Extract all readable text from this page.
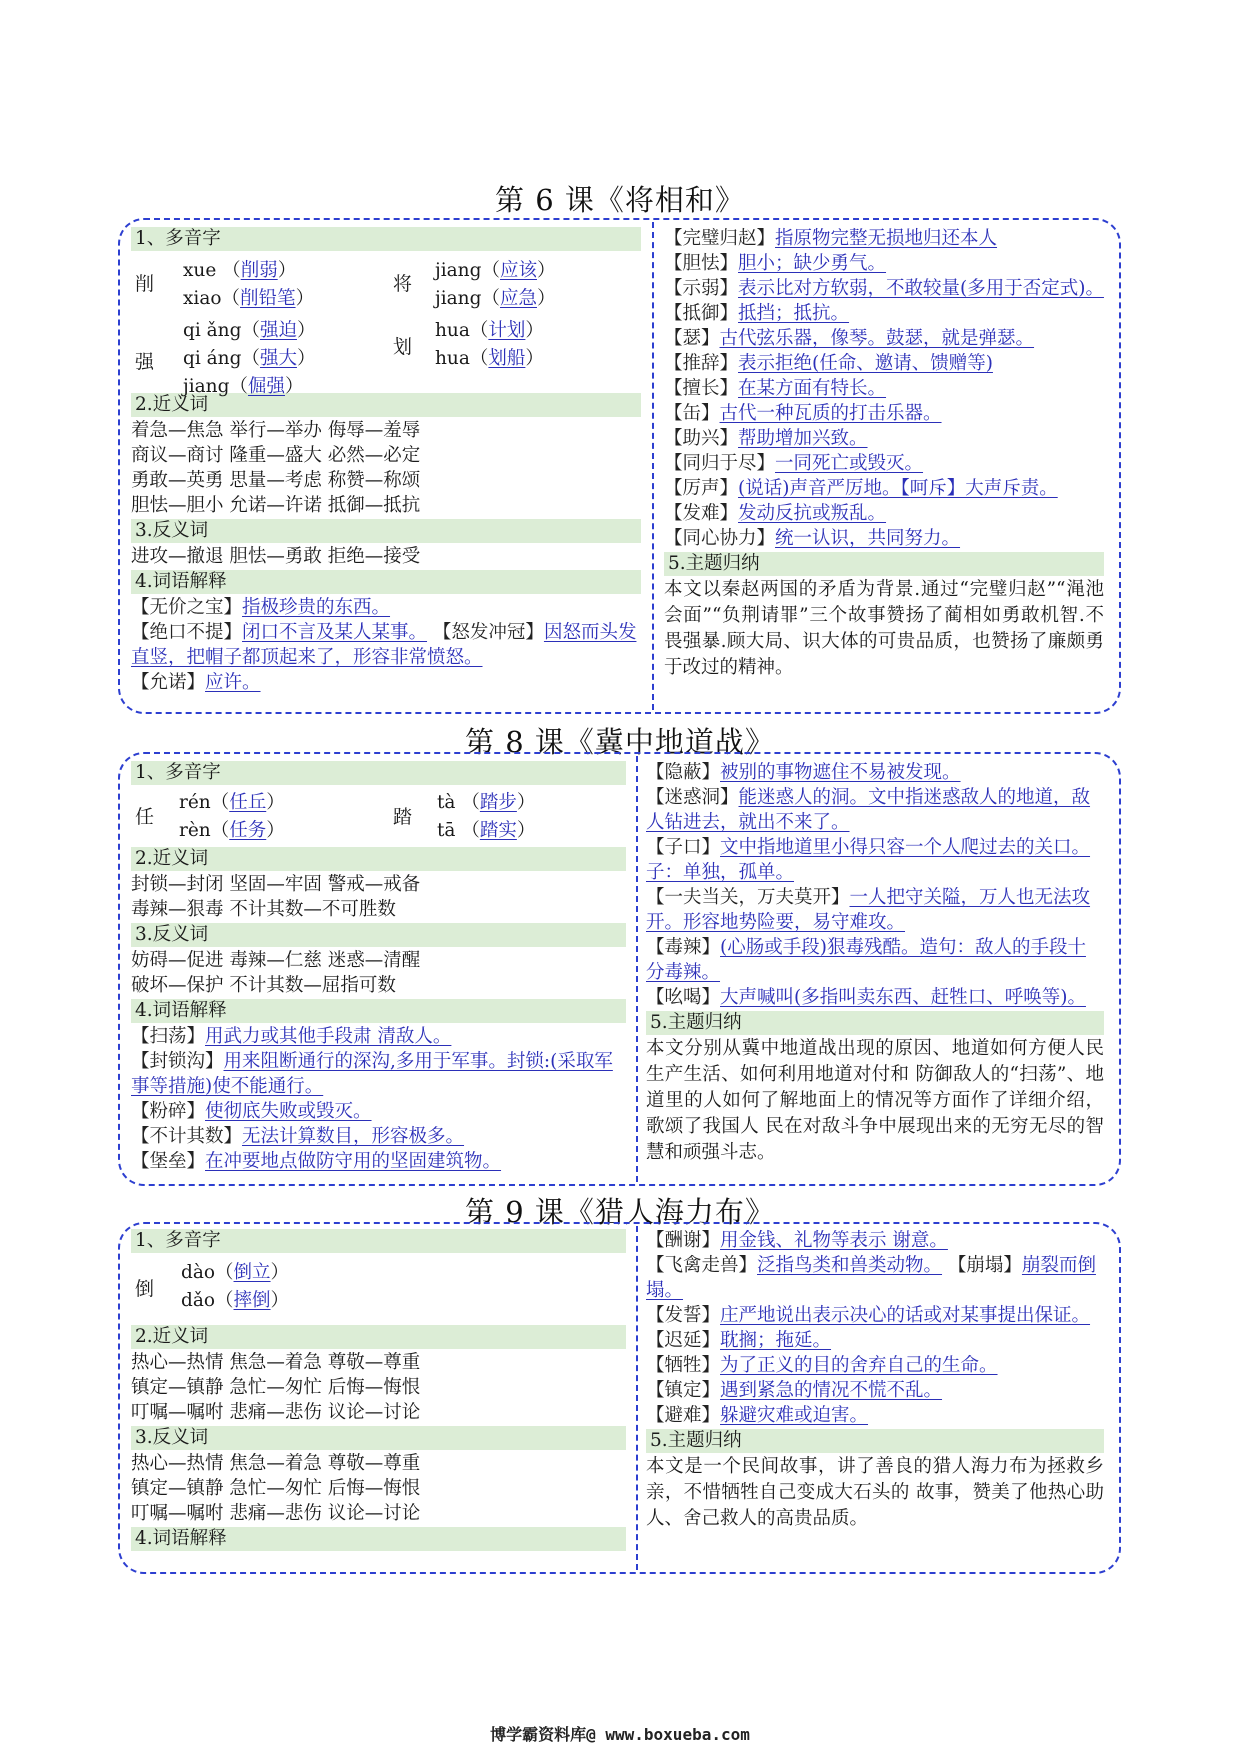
第 6 课《将相和》
1、多音字
削
xue （削弱）
xiao（削铅笔）
将
jiang（应该）
jiang（应急）
强
qi ǎng（强迫）
qi áng（强大）
jiang（倔强）
划
hua（计划）
hua（划船）
2.近义词
着急—焦急 举行—举办 侮辱—羞辱
商议—商讨 隆重—盛大 必然—必定
勇敢—英勇 思量—考虑 称赞—称颂
胆怯—胆小 允诺—许诺 抵御—抵抗
3.反义词
进攻—撤退 胆怯—勇敢 拒绝—接受
4.词语解释
【无价之宝】指极珍贵的东西。
【绝口不提】闭口不言及某人某事。 【怒发冲冠】因怒而头发直竖，把帽子都顶起来了，形容非常愤怒。
【允诺】应许。
【完璧归赵】指原物完整无损地归还本人
【胆怯】胆小；缺少勇气。
【示弱】表示比对方软弱，不敢较量(多用于否定式)。
【抵御】抵挡；抵抗。
【瑟】古代弦乐器，像琴。鼓瑟，就是弹瑟。
【推辞】表示拒绝(任命、邀请、馈赠等)
【擅长】在某方面有特长。
【缶】古代一种瓦质的打击乐器。
【助兴】帮助增加兴致。
【同归于尽】一同死亡或毁灭。
【厉声】(说话)声音严厉地。【呵斥】大声斥责。
【发难】发动反抗或叛乱。
【同心协力】统一认识，共同努力。
5.主题归纳
本文以秦赵两国的矛盾为背景.通过“完璧归赵”“渑池会面”“负荆请罪”三个故事赞扬了蔺相如勇敢机智.不畏强暴.顾大局、识大体的可贵品质，也赞扬了廉颇勇于改过的精神。
第 8 课《冀中地道战》
1、多音字
任
rén（任丘）
rèn（任务）
踏
tà （踏步）
tā （踏实）
2.近义词
封锁—封闭 坚固—牢固 警戒—戒备
毒辣—狠毒 不计其数—不可胜数
3.反义词
妨碍—促进 毒辣—仁慈 迷惑—清醒
破坏—保护 不计其数—屈指可数
4.词语解释
【扫荡】用武力或其他手段肃 清敌人。
【封锁沟】用来阻断通行的深沟,多用于军事。封锁:(采取军事等措施)使不能通行。
【粉碎】使彻底失败或毁灭。
【不计其数】无法计算数目，形容极多。
【堡垒】在冲要地点做防守用的坚固建筑物。
【隐蔽】被别的事物遮住不易被发现。
【迷惑洞】能迷惑人的洞。文中指迷惑敌人的地道，敌人钻进去，就出不来了。
【子口】文中指地道里小得只容一个人爬过去的关口。子：单独，孤单。
【一夫当关，万夫莫开】一人把守关隘，万人也无法攻开。形容地势险要，易守难攻。
【毒辣】(心肠或手段)狠毒残酷。造句：敌人的手段十分毒辣。
【吆喝】大声喊叫(多指叫卖东西、赶牲口、呼唤等)。
5.主题归纳
本文分别从冀中地道战出现的原因、地道如何方便人民生产生活、如何利用地道对付和 防御敌人的“扫荡”、地道里的人如何了解地面上的情况等方面作了详细介绍，歌颂了我国人 民在对敌斗争中展现出来的无穷无尽的智慧和顽强斗志。
第 9 课《猎人海力布》
1、多音字
倒
dào（倒立）
dǎo（摔倒）
2.近义词
热心—热情 焦急—着急 尊敬—尊重
镇定—镇静 急忙—匆忙 后悔—悔恨
叮嘱—嘱咐 悲痛—悲伤 议论—讨论
3.反义词
热心—热情 焦急—着急 尊敬—尊重
镇定—镇静 急忙—匆忙 后悔—悔恨
叮嘱—嘱咐 悲痛—悲伤 议论—讨论
4.词语解释
【酬谢】用金钱、礼物等表示 谢意。
【飞禽走兽】泛指鸟类和兽类动物。 【崩塌】崩裂而倒塌。
【发誓】庄严地说出表示决心的话或对某事提出保证。
【迟延】耽搁；拖延。
【牺牲】为了正义的目的舍弃自己的生命。
【镇定】遇到紧急的情况不慌不乱。
【避难】躲避灾难或迫害。
5.主题归纳
本文是一个民间故事，讲了善良的猎人海力布为拯救乡亲，不惜牺牲自己变成大石头的 故事，赞美了他热心助人、舍己救人的高贵品质。
博学霸资料库@ www.boxueba.com
